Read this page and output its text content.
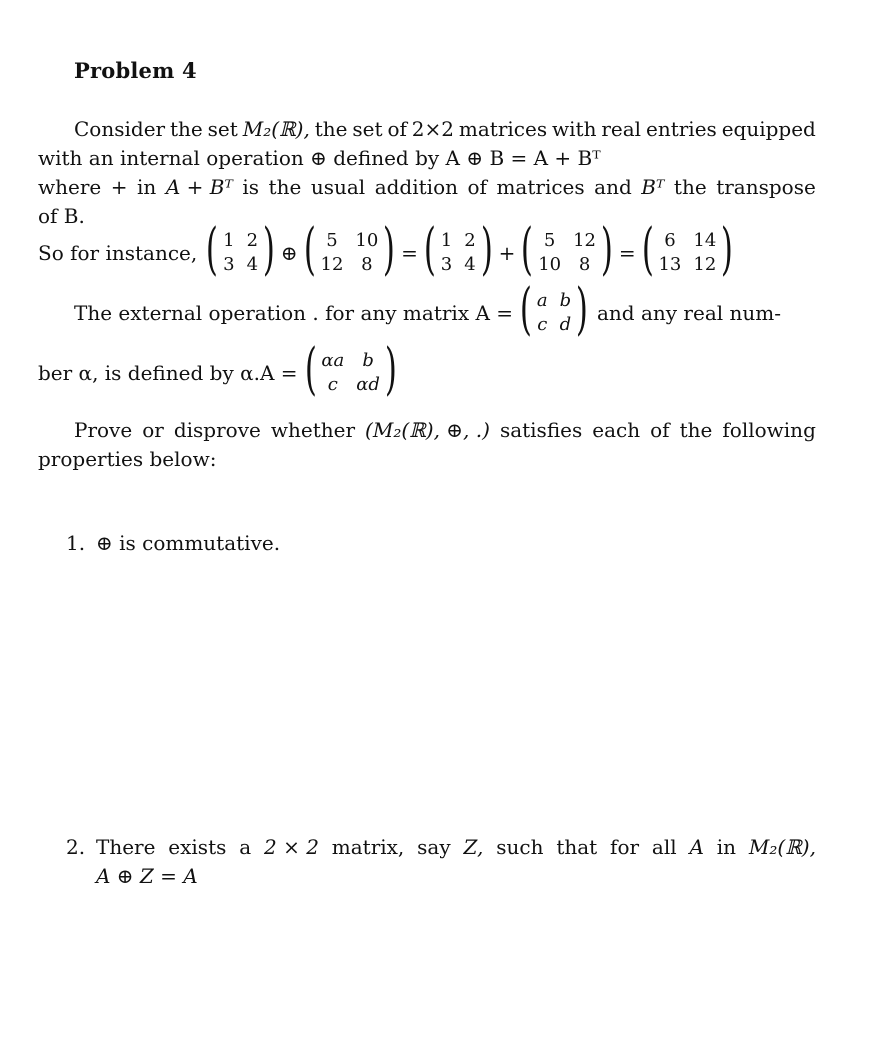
Problem 4
Consider the set M₂(ℝ), the set of 2×2 matrices with real entries equipped
with an internal operation ⊕ defined by A ⊕ B = A + Bᵀ
where + in A + Bᵀ is the usual addition of matrices and Bᵀ the transpose
of B.
So for instance, ( 1 2
3 4 ) ⊕ ( 5 10
12 8 ) = ( 1 2
3 4 ) + ( 5 12
10 8 ) = ( 6 14
13 12 )
The external operation . for any matrix A = ( a b
c d ) and any real num-
ber α, is defined by α.A = ( αa	b
c	αd )
Prove or disprove whether (M₂(ℝ), ⊕, .) satisfies each of the following
properties below:
1. ⊕ is commutative.
2. There exists a 2 × 2 matrix, say Z, such that for all A in M₂(ℝ),
A ⊕ Z = A
